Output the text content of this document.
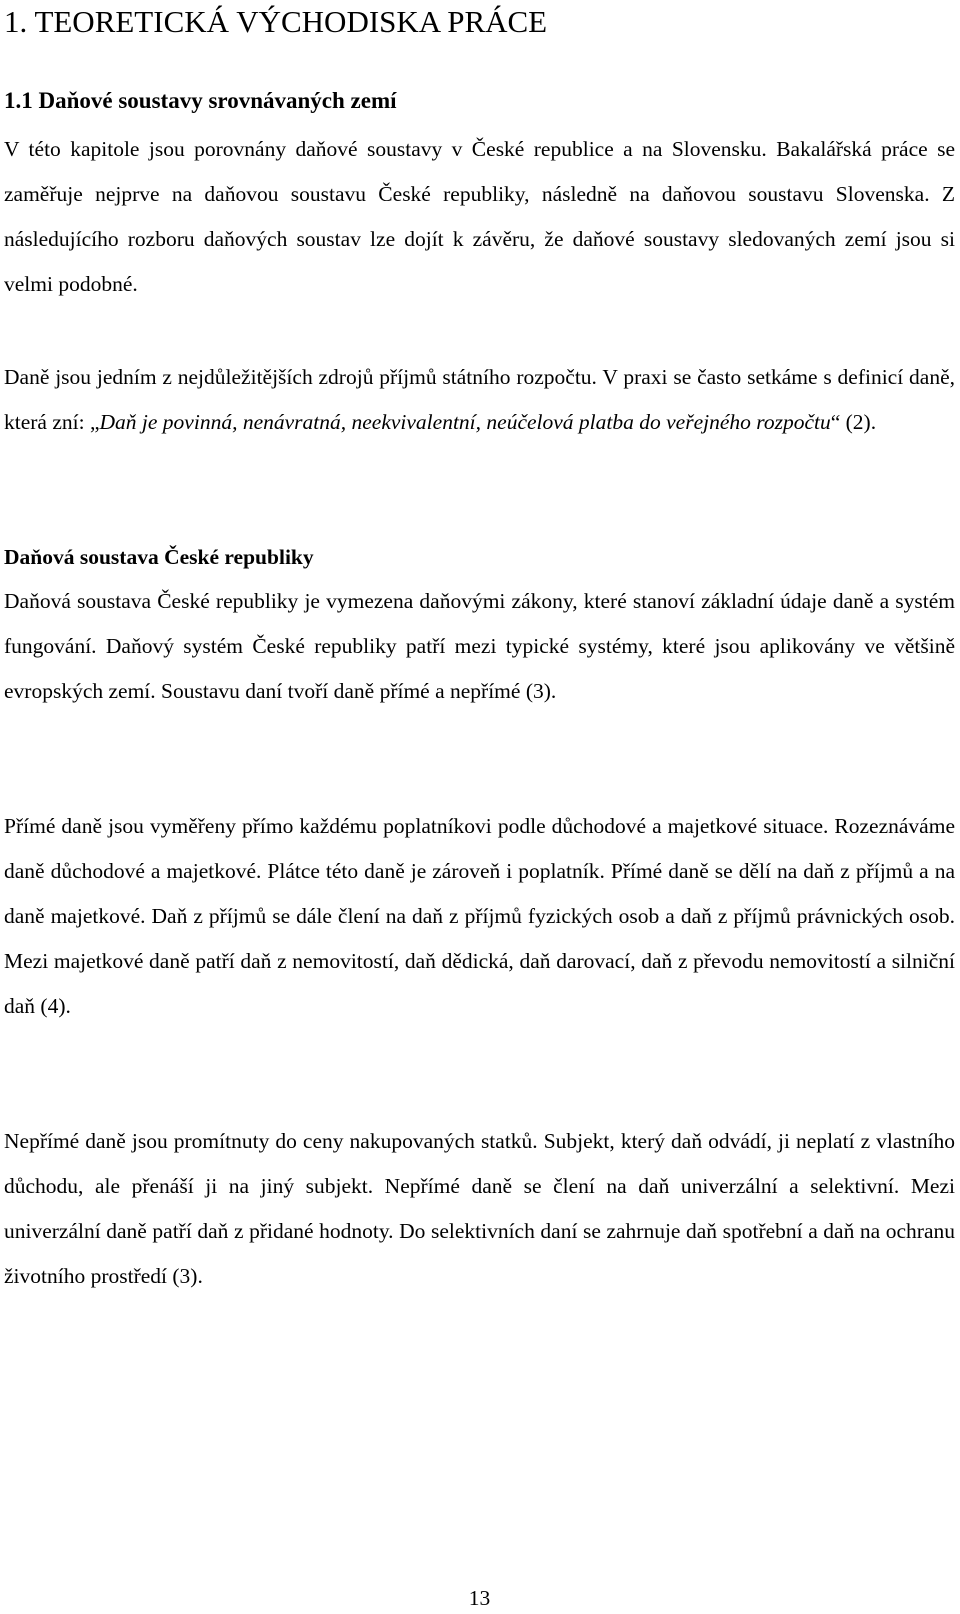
1. TEORETICKÁ VÝCHODISKA PRÁCE
1.1 Daňové soustavy srovnávaných zemí

V této kapitole jsou porovnány daňové soustavy v České republice a na Slovensku. Bakalářská práce se zaměřuje nejprve na daňovou soustavu České republiky, následně na daňovou soustavu Slovenska. Z následujícího rozboru daňových soustav lze dojít k závěru, že daňové soustavy sledovaných zemí jsou si velmi podobné.

Daně jsou jedním z nejdůležitějších zdrojů příjmů státního rozpočtu. V praxi se často setkáme s definicí daně, která zní: „Daň je povinná, nenávratná, neekvivalentní, neúčelová platba do veřejného rozpočtu“ (2).

Daňová soustava České republiky

Daňová soustava České republiky je vymezena daňovými zákony, které stanoví základní údaje daně a systém fungování. Daňový systém České republiky patří mezi typické systémy, které jsou aplikovány ve většině evropských zemí. Soustavu daní tvoří daně přímé a nepřímé (3).

Přímé daně jsou vyměřeny přímo každému poplatníkovi podle důchodové a majetkové situace. Rozeznáváme daně důchodové a majetkové. Plátce této daně je zároveň i poplatník. Přímé daně se dělí na daň z příjmů a na daně majetkové. Daň z příjmů se dále člení na daň z příjmů fyzických osob a daň z příjmů právnických osob. Mezi majetkové daně patří daň z nemovitostí, daň dědická, daň darovací, daň z převodu nemovitostí a silniční daň (4).

Nepřímé daně jsou promítnuty do ceny nakupovaných statků. Subjekt, který daň odvádí, ji neplatí z vlastního důchodu, ale přenáší ji na jiný subjekt. Nepřímé daně se člení na daň univerzální a selektivní. Mezi univerzální daně patří daň z přidané hodnoty. Do selektivních daní se zahrnuje daň spotřební a daň na ochranu životního prostředí (3).

13
